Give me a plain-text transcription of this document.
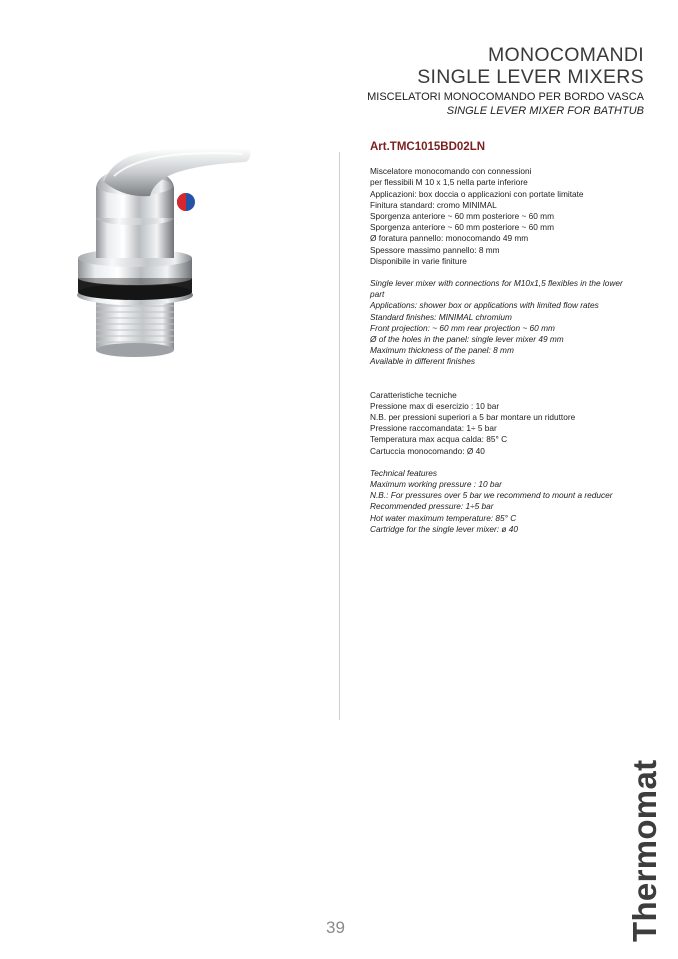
MONOCOMANDI
SINGLE LEVER MIXERS
MISCELATORI MONOCOMANDO PER BORDO VASCA
SINGLE LEVER MIXER FOR BATHTUB
Art.TMC1015BD02LN

Miscelatore monocomando con connessioni

per flessibili M 10 x 1,5 nella parte inferiore

Applicazioni: box doccia o applicazioni con portate limitate

Finitura standard: cromo MINIMAL

Sporgenza anteriore ~ 60 mm posteriore ~ 60 mm

Sporgenza anteriore ~ 60 mm posteriore ~ 60 mm

Ø foratura pannello: monocomando 49 mm

Spessore massimo pannello: 8 mm

Disponibile in varie finiture

Single lever mixer with connections for M10x1,5 flexibles in the lower

part

Applications: shower box or applications with limited flow rates

Standard finishes: MINIMAL chromium

Front projection: ~ 60 mm rear projection ~ 60 mm

Ø of the holes in the panel: single lever mixer 49 mm

Maximum thickness of the panel: 8 mm

Available in different finishes

Caratteristiche tecniche

Pressione max di esercizio : 10 bar

N.B. per pressioni superiori a 5 bar montare un riduttore

Pressione raccomandata: 1÷ 5 bar

Temperatura max acqua calda: 85° C

Cartuccia monocomando: Ø 40

Technical features

Maximum working pressure : 10 bar

N.B.: For pressures over 5 bar we recommend to mount a reducer

Recommended pressure: 1÷5 bar

Hot water maximum temperature: 85° C

Cartridge for the single lever mixer: ø 40

39	Thermomat
